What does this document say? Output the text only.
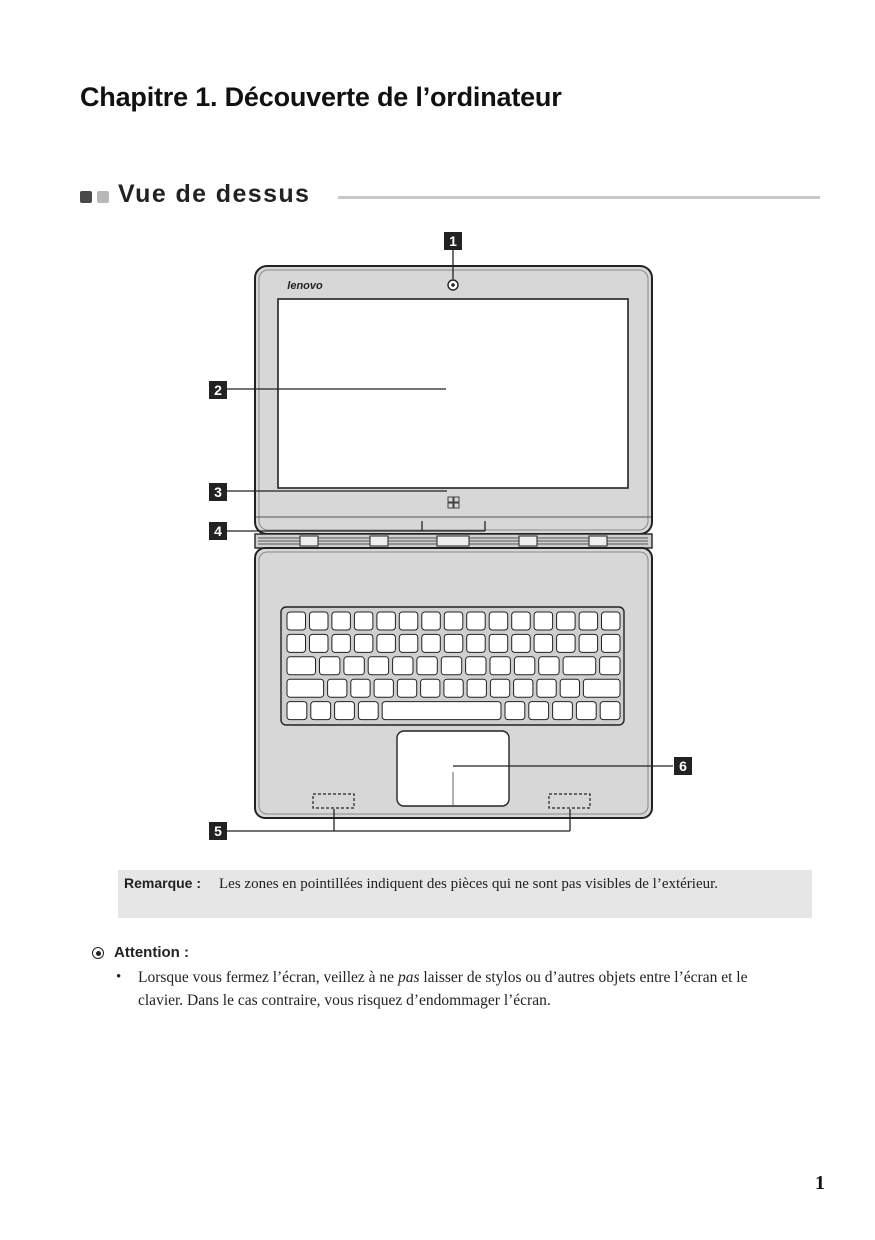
Chapitre 1. Découverte de l’ordinateur
Vue de dessus
lenovo
1
2
3
4
5
6
Remarque : Les zones en pointillées indiquent des pièces qui ne sont pas visibles de l’extérieur.
Attention :
• Lorsque vous fermez l’écran, veillez à ne pas laisser de stylos ou d’autres objets entre l’écran et le clavier. Dans le cas contraire, vous risquez d’endommager l’écran.
1
